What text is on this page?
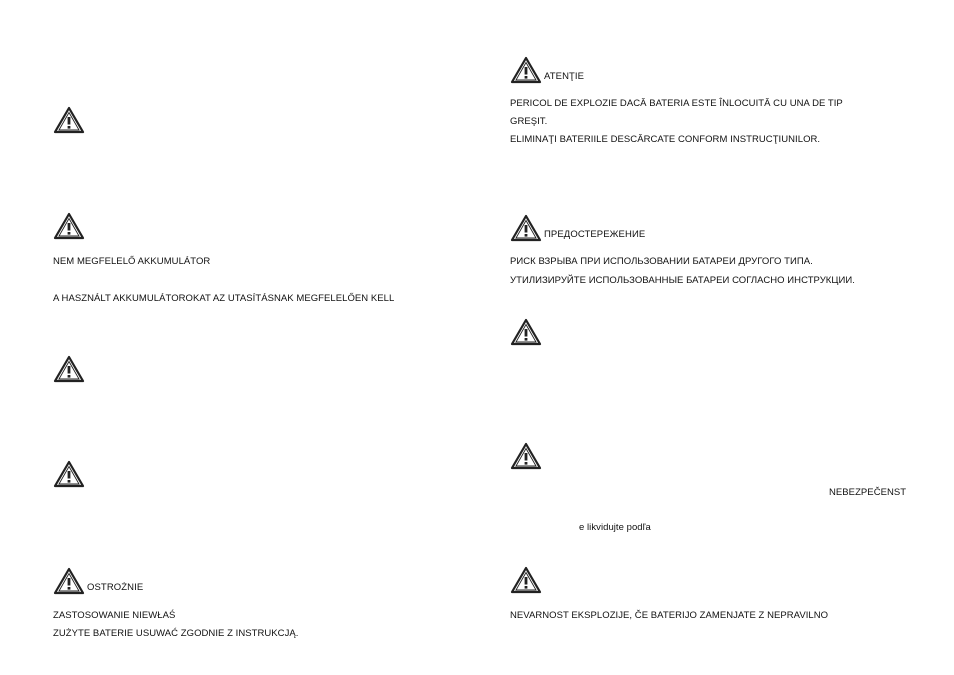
NEM MEGFELELŐ AKKUMULÁTOR
A HASZNÁLT AKKUMULÁTOROKAT AZ UTASÍTÁSNAK MEGFELELŐEN KELL
OSTROŻNIE
ZASTOSOWANIE NIEWŁAŚ
ZUŻYTE BATERIE USUWAĆ ZGODNIE Z INSTRUKCJĄ.
ATENŢIE
PERICOL DE EXPLOZIE DACĂ BATERIA ESTE ÎNLOCUITĂ CU UNA DE TIP
GREŞIT.
ELIMINAŢI BATERIILE DESCĂRCATE CONFORM INSTRUCŢIUNILOR.
ПРЕДОСТЕРЕЖЕНИЕ
РИСК ВЗРЫВА ПРИ ИСПОЛЬЗОВАНИИ БАТАРЕИ ДРУГОГО ТИПА.
УТИЛИЗИРУЙТЕ ИСПОЛЬЗОВАННЫЕ БАТАРЕИ СОГЛАСНО ИНСТРУКЦИИ.
NEBEZPEČENST
e likvidujte podľa
NEVARNOST EKSPLOZIJE, ČE BATERIJO ZAMENJATE Z NEPRAVILNO
